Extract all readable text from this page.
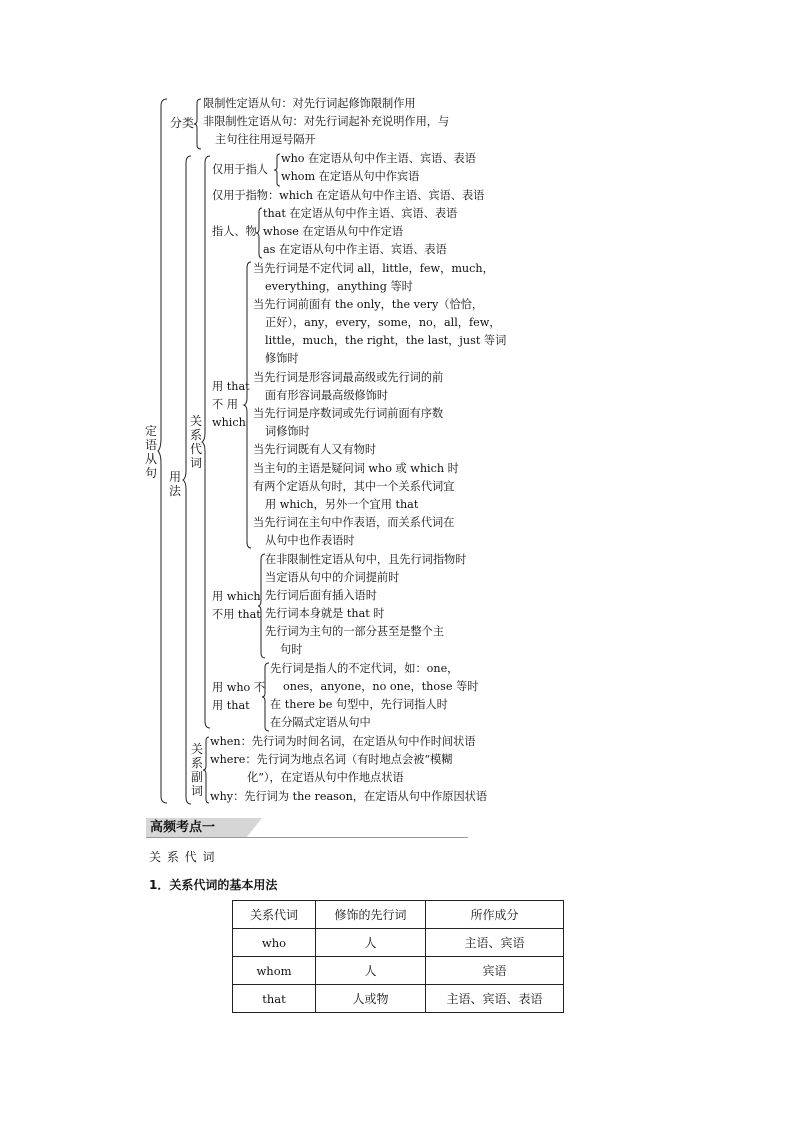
定语从句
分类
限制性定语从句：对先行词起修饰限制作用
非限制性定语从句：对先行词起补充说明作用，与
主句往往用逗号隔开
用法
关系代词
仅用于指人
who 在定语从句中作主语、宾语、表语
whom 在定语从句中作宾语
仅用于指物：which 在定语从句中作主语、宾语、表语
指人、物
that 在定语从句中作主语、宾语、表语
whose 在定语从句中作定语
as 在定语从句中作主语、宾语、表语
用 that
不 用
which
当先行词是不定代词 all，little，few，much，
everything，anything 等时
当先行词前面有 the only，the very（恰恰，
正好），any，every，some，no，all，few，
little，much，the right，the last，just 等词
修饰时
当先行词是形容词最高级或先行词的前
面有形容词最高级修饰时
当先行词是序数词或先行词前面有序数
词修饰时
当先行词既有人又有物时
当主句的主语是疑问词 who 或 which 时
有两个定语从句时，其中一个关系代词宜
用 which，另外一个宜用 that
当先行词在主句中作表语，而关系代词在
从句中也作表语时
用 which
不用 that
在非限制性定语从句中，且先行词指物时
当定语从句中的介词提前时
先行词后面有插入语时
先行词本身就是 that 时
先行词为主句的一部分甚至是整个主
句时
用 who 不
用 that
先行词是指人的不定代词，如：one，
ones，anyone，no one，those 等时
在 there be 句型中，先行词指人时
在分隔式定语从句中
关系副词
when：先行词为时间名词，在定语从句中作时间状语
where：先行词为地点名词（有时地点会被“模糊
化”），在定语从句中作地点状语
why：先行词为 the reason，在定语从句中作原因状语
高频考点一
关 系 代 词
1．关系代词的基本用法
关系代词	修饰的先行词	所作成分
who	人	主语、宾语
whom	人	宾语
that	人或物	主语、宾语、表语
